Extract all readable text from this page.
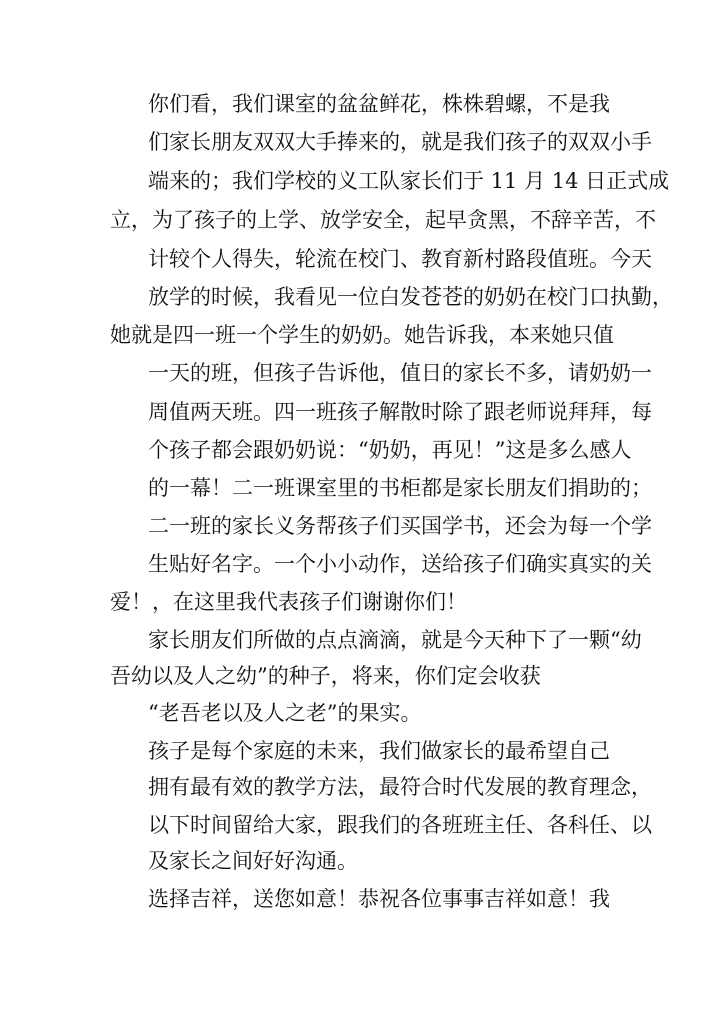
你们看，我们课室的盆盆鲜花，株株碧螺，不是我
们家长朋友双双大手捧来的，就是我们孩子的双双小手
端来的；我们学校的义工队家长们于 11 月 14 日正式成
立，为了孩子的上学、放学安全，起早贪黑，不辞辛苦，不
计较个人得失，轮流在校门、教育新村路段值班。今天
放学的时候，我看见一位白发苍苍的奶奶在校门口执勤，
她就是四一班一个学生的奶奶。她告诉我，本来她只值
一天的班，但孩子告诉他，值日的家长不多，请奶奶一
周值两天班。四一班孩子解散时除了跟老师说拜拜，每
个孩子都会跟奶奶说：“奶奶，再见！”这是多么感人
的一幕！二一班课室里的书柜都是家长朋友们捐助的；
二一班的家长义务帮孩子们买国学书，还会为每一个学
生贴好名字。一个小小动作，送给孩子们确实真实的关
爱！，在这里我代表孩子们谢谢你们！
家长朋友们所做的点点滴滴，就是今天种下了一颗“幼
吾幼以及人之幼”的种子，将来，你们定会收获
“老吾老以及人之老”的果实。
孩子是每个家庭的未来，我们做家长的最希望自己
拥有最有效的教学方法，最符合时代发展的教育理念，
以下时间留给大家，跟我们的各班班主任、各科任、以
及家长之间好好沟通。
选择吉祥，送您如意！恭祝各位事事吉祥如意！我
